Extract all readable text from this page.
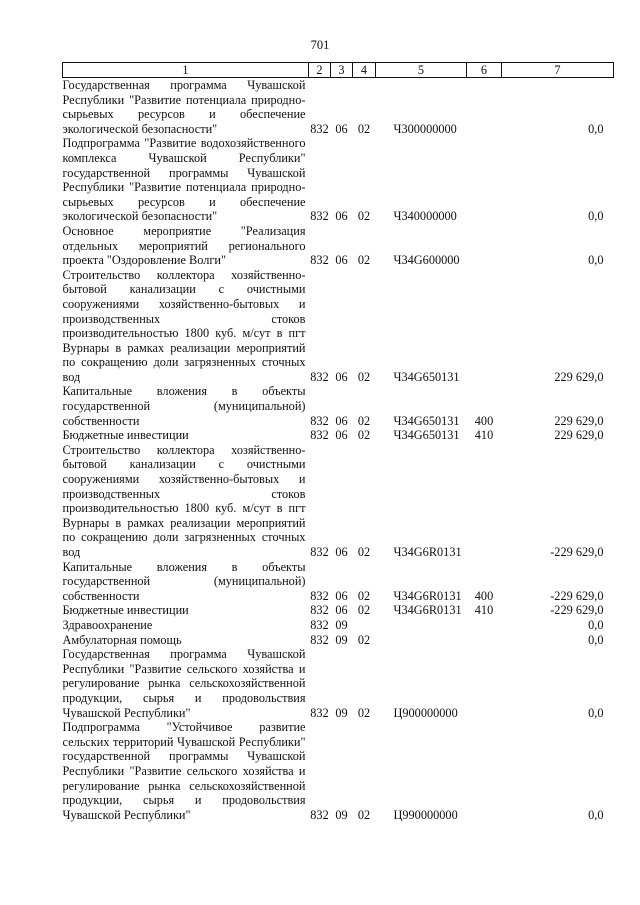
701
1	2	3	4	5	6	7
Государственная программа Чувашской Республики "Развитие потенциала природно-сырьевых ресурсов и обеспечение экологической безопасности"	832	06	02	Ч300000000		0,0
Подпрограмма "Развитие водохозяйственного комплекса Чувашской Республики" государственной программы Чувашской Республики "Развитие потенциала природно-сырьевых ресурсов и обеспечение экологической безопасности"	832	06	02	Ч340000000		0,0
Основное мероприятие "Реализация отдельных мероприятий регионального проекта "Оздоровление Волги"	832	06	02	Ч34G600000		0,0
Строительство коллектора хозяйственно-бытовой канализации с очистными сооружениями хозяйственно-бытовых и производственных стоков производительностью 1800 куб. м/сут в пгт Вурнары в рамках реализации мероприятий по сокращению доли загрязненных сточных вод	832	06	02	Ч34G650131		229 629,0
Капитальные вложения в объекты государственной (муниципальной) собственности	832	06	02	Ч34G650131	400	229 629,0
Бюджетные инвестиции	832	06	02	Ч34G650131	410	229 629,0
Строительство коллектора хозяйственно-бытовой канализации с очистными сооружениями хозяйственно-бытовых и производственных стоков производительностью 1800 куб. м/сут в пгт Вурнары в рамках реализации мероприятий по сокращению доли загрязненных сточных вод	832	06	02	Ч34G6R0131		-229 629,0
Капитальные вложения в объекты государственной (муниципальной) собственности	832	06	02	Ч34G6R0131	400	-229 629,0
Бюджетные инвестиции	832	06	02	Ч34G6R0131	410	-229 629,0
Здравоохранение	832	09				0,0
Амбулаторная помощь	832	09	02			0,0
Государственная программа Чувашской Республики "Развитие сельского хозяйства и регулирование рынка сельскохозяйственной продукции, сырья и продовольствия Чувашской Республики"	832	09	02	Ц900000000		0,0
Подпрограмма "Устойчивое развитие сельских территорий Чувашской Республики" государственной программы Чувашской Республики "Развитие сельского хозяйства и регулирование рынка сельскохозяйственной продукции, сырья и продовольствия Чувашской Республики"	832	09	02	Ц990000000		0,0
